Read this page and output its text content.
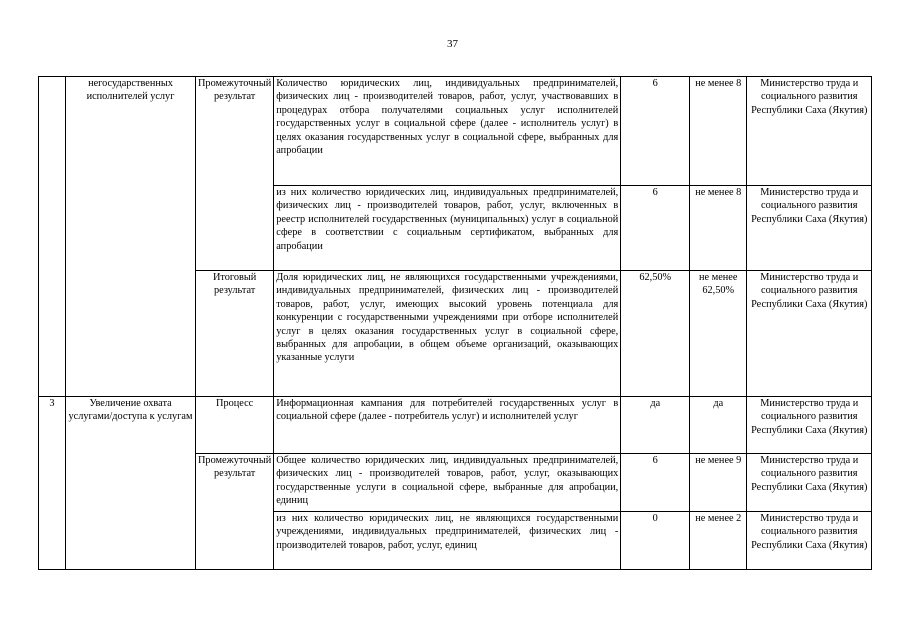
37
	негосударственных исполнителей услуг	Промежуточный результат	Количество юридических лиц, индивидуальных предпринимателей, физических лиц - производителей товаров, работ, услуг, участвовавших в процедурах отбора получателями социальных услуг исполнителей государственных услуг в социальной сфере (далее - исполнитель услуг) в целях оказания государственных услуг в социальной сфере, выбранных для апробации	6	не менее 8	Министерство труда и социального развития Республики Саха (Якутия)
			из них количество юридических лиц, индивидуальных предпринимателей, физических лиц - производителей товаров, работ, услуг, включенных в реестр исполнителей государственных (муниципальных) услуг в социальной сфере в соответствии с социальным сертификатом, выбранных для апробации	6	не менее 8	Министерство труда и социального развития Республики Саха (Якутия)
		Итоговый результат	Доля юридических лиц, не являющихся государственными учреждениями, индивидуальных предпринимателей, физических лиц - производителей товаров, работ, услуг, имеющих высокий уровень потенциала для конкуренции с государственными учреждениями при отборе исполнителей услуг в целях оказания государственных услуг в социальной сфере, выбранных для апробации, в общем объеме организаций, оказывающих указанные услуги	62,50%	не менее 62,50%	Министерство труда и социального развития Республики Саха (Якутия)
3	Увеличение охвата услугами/доступа к услугам	Процесс	Информационная кампания для потребителей государственных услуг в социальной сфере (далее - потребитель услуг) и исполнителей услуг	да	да	Министерство труда и социального развития Республики Саха (Якутия)
		Промежуточный результат	Общее количество юридических лиц, индивидуальных предпринимателей, физических лиц - производителей товаров, работ, услуг, оказывающих государственные услуги в социальной сфере, выбранные для апробации, единиц	6	не менее 9	Министерство труда и социального развития Республики Саха (Якутия)
			из них количество юридических лиц, не являющихся государственными учреждениями, индивидуальных предпринимателей, физических лиц - производителей товаров, работ, услуг, единиц	0	не менее 2	Министерство труда и социального развития Республики Саха (Якутия)
